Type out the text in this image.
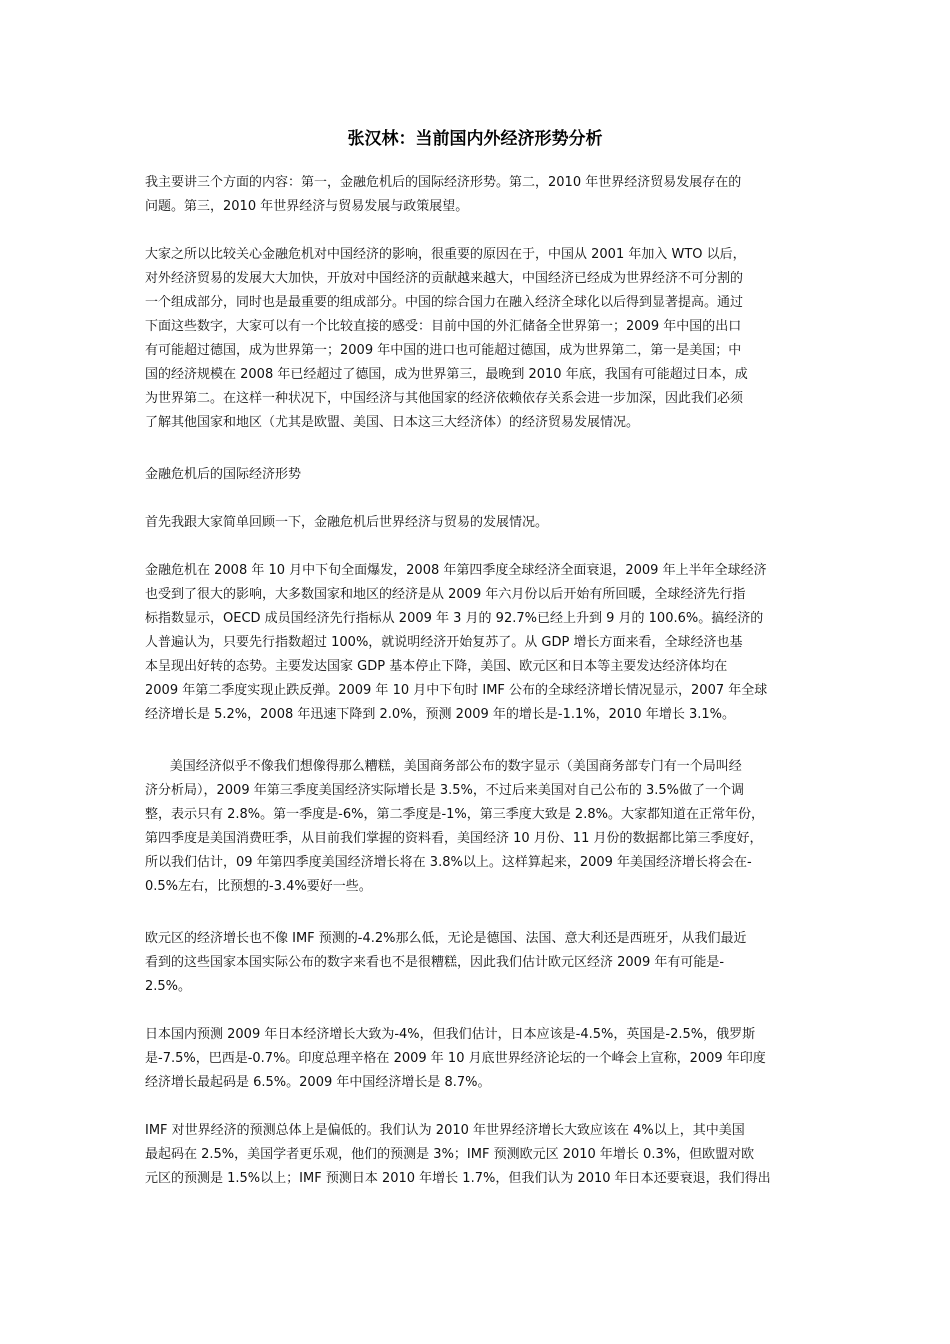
张汉林：当前国内外经济形势分析
我主要讲三个方面的内容：第一，金融危机后的国际经济形势。第二，2010 年世界经济贸易发展存在的
问题。第三，2010 年世界经济与贸易发展与政策展望。
大家之所以比较关心金融危机对中国经济的影响，很重要的原因在于，中国从 2001 年加入 WTO 以后，
对外经济贸易的发展大大加快，开放对中国经济的贡献越来越大，中国经济已经成为世界经济不可分割的
一个组成部分，同时也是最重要的组成部分。中国的综合国力在融入经济全球化以后得到显著提高。通过
下面这些数字，大家可以有一个比较直接的感受：目前中国的外汇储备全世界第一；2009 年中国的出口
有可能超过德国，成为世界第一；2009 年中国的进口也可能超过德国，成为世界第二，第一是美国；中
国的经济规模在 2008 年已经超过了德国，成为世界第三，最晚到 2010 年底，我国有可能超过日本，成
为世界第二。在这样一种状况下，中国经济与其他国家的经济依赖依存关系会进一步加深，因此我们必须
了解其他国家和地区（尤其是欧盟、美国、日本这三大经济体）的经济贸易发展情况。
金融危机后的国际经济形势
首先我跟大家简单回顾一下，金融危机后世界经济与贸易的发展情况。
金融危机在 2008 年 10 月中下旬全面爆发，2008 年第四季度全球经济全面衰退，2009 年上半年全球经济
也受到了很大的影响，大多数国家和地区的经济是从 2009 年六月份以后开始有所回暖，全球经济先行指
标指数显示，OECD 成员国经济先行指标从 2009 年 3 月的 92.7%已经上升到 9 月的 100.6%。搞经济的
人普遍认为，只要先行指数超过 100%，就说明经济开始复苏了。从 GDP 增长方面来看，全球经济也基
本呈现出好转的态势。主要发达国家 GDP 基本停止下降，美国、欧元区和日本等主要发达经济体均在
2009 年第二季度实现止跌反弹。2009 年 10 月中下旬时 IMF 公布的全球经济增长情况显示，2007 年全球
经济增长是 5.2%，2008 年迅速下降到 2.0%，预测 2009 年的增长是-1.1%，2010 年增长 3.1%。
美国经济似乎不像我们想像得那么糟糕，美国商务部公布的数字显示（美国商务部专门有一个局叫经
济分析局），2009 年第三季度美国经济实际增长是 3.5%，不过后来美国对自己公布的 3.5%做了一个调
整，表示只有 2.8%。第一季度是-6%，第二季度是-1%，第三季度大致是 2.8%。大家都知道在正常年份，
第四季度是美国消费旺季，从目前我们掌握的资料看，美国经济 10 月份、11 月份的数据都比第三季度好，
所以我们估计，09 年第四季度美国经济增长将在 3.8%以上。这样算起来，2009 年美国经济增长将会在-
0.5%左右，比预想的-3.4%要好一些。
欧元区的经济增长也不像 IMF 预测的-4.2%那么低，无论是德国、法国、意大利还是西班牙，从我们最近
看到的这些国家本国实际公布的数字来看也不是很糟糕，因此我们估计欧元区经济 2009 年有可能是-
2.5%。
日本国内预测 2009 年日本经济增长大致为-4%，但我们估计，日本应该是-4.5%，英国是-2.5%，俄罗斯
是-7.5%，巴西是-0.7%。印度总理辛格在 2009 年 10 月底世界经济论坛的一个峰会上宣称，2009 年印度
经济增长最起码是 6.5%。2009 年中国经济增长是 8.7%。
IMF 对世界经济的预测总体上是偏低的。我们认为 2010 年世界经济增长大致应该在 4%以上，其中美国
最起码在 2.5%，美国学者更乐观，他们的预测是 3%；IMF 预测欧元区 2010 年增长 0.3%，但欧盟对欧
元区的预测是 1.5%以上；IMF 预测日本 2010 年增长 1.7%，但我们认为 2010 年日本还要衰退，我们得出
